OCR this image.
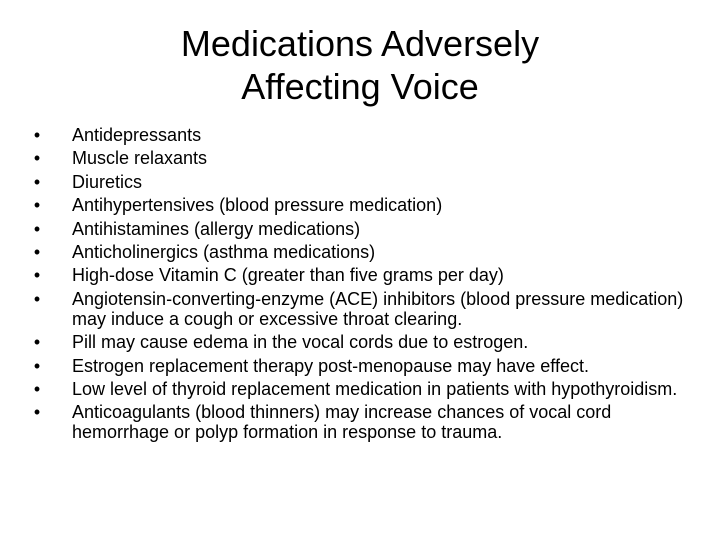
Medications Adversely
Affecting Voice
• Antidepressants
• Muscle relaxants
• Diuretics
• Antihypertensives (blood pressure medication)
• Antihistamines (allergy medications)
• Anticholinergics (asthma medications)
• High-dose Vitamin C (greater than five grams per day)
• Angiotensin-converting-enzyme (ACE) inhibitors (blood pressure medication) may induce a cough or excessive throat clearing.
• Pill may cause edema in the vocal cords due to estrogen.
• Estrogen replacement therapy post-menopause may have effect.
• Low level of thyroid replacement medication in patients with hypothyroidism.
• Anticoagulants (blood thinners) may increase chances of vocal cord hemorrhage or polyp formation in response to trauma.
